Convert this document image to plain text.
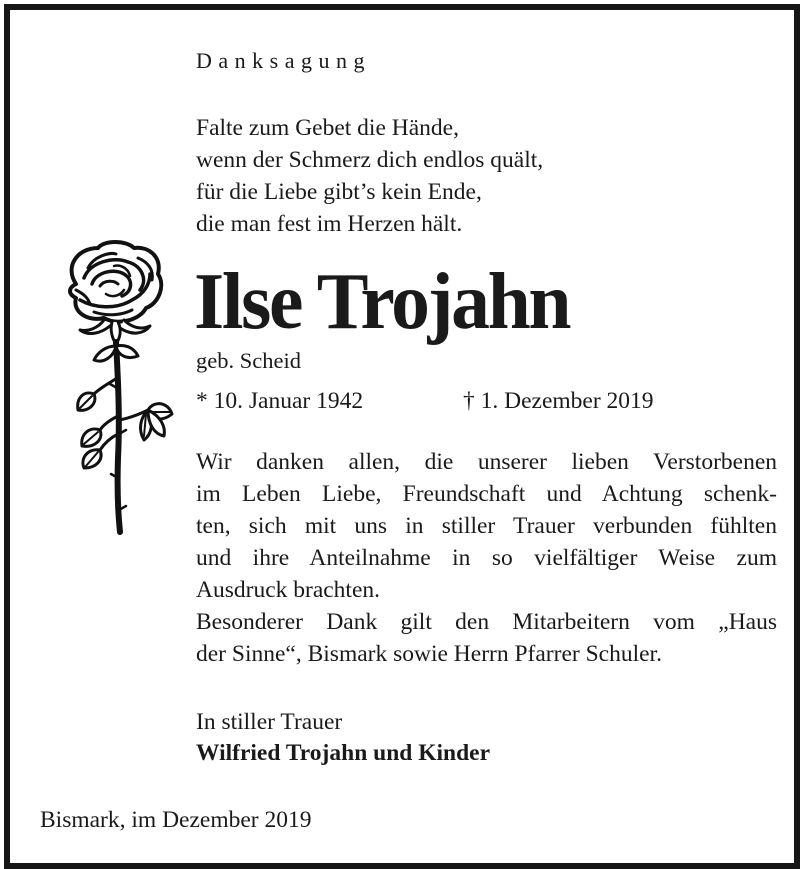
Danksagung
Falte zum Gebet die Hände,
wenn der Schmerz dich endlos quält,
für die Liebe gibt’s kein Ende,
die man fest im Herzen hält.
Ilse Trojahn
geb. Scheid
* 10. Januar 1942	† 1. Dezember 2019
Wir danken allen, die unserer lieben Verstorbenen
im Leben Liebe, Freundschaft und Achtung schenk-
ten, sich mit uns in stiller Trauer verbunden fühlten
und ihre Anteilnahme in so vielfältiger Weise zum
Ausdruck brachten.
Besonderer Dank gilt den Mitarbeitern vom „Haus
der Sinne“, Bismark sowie Herrn Pfarrer Schuler.
In stiller Trauer
Wilfried Trojahn und Kinder
Bismark, im Dezember 2019
